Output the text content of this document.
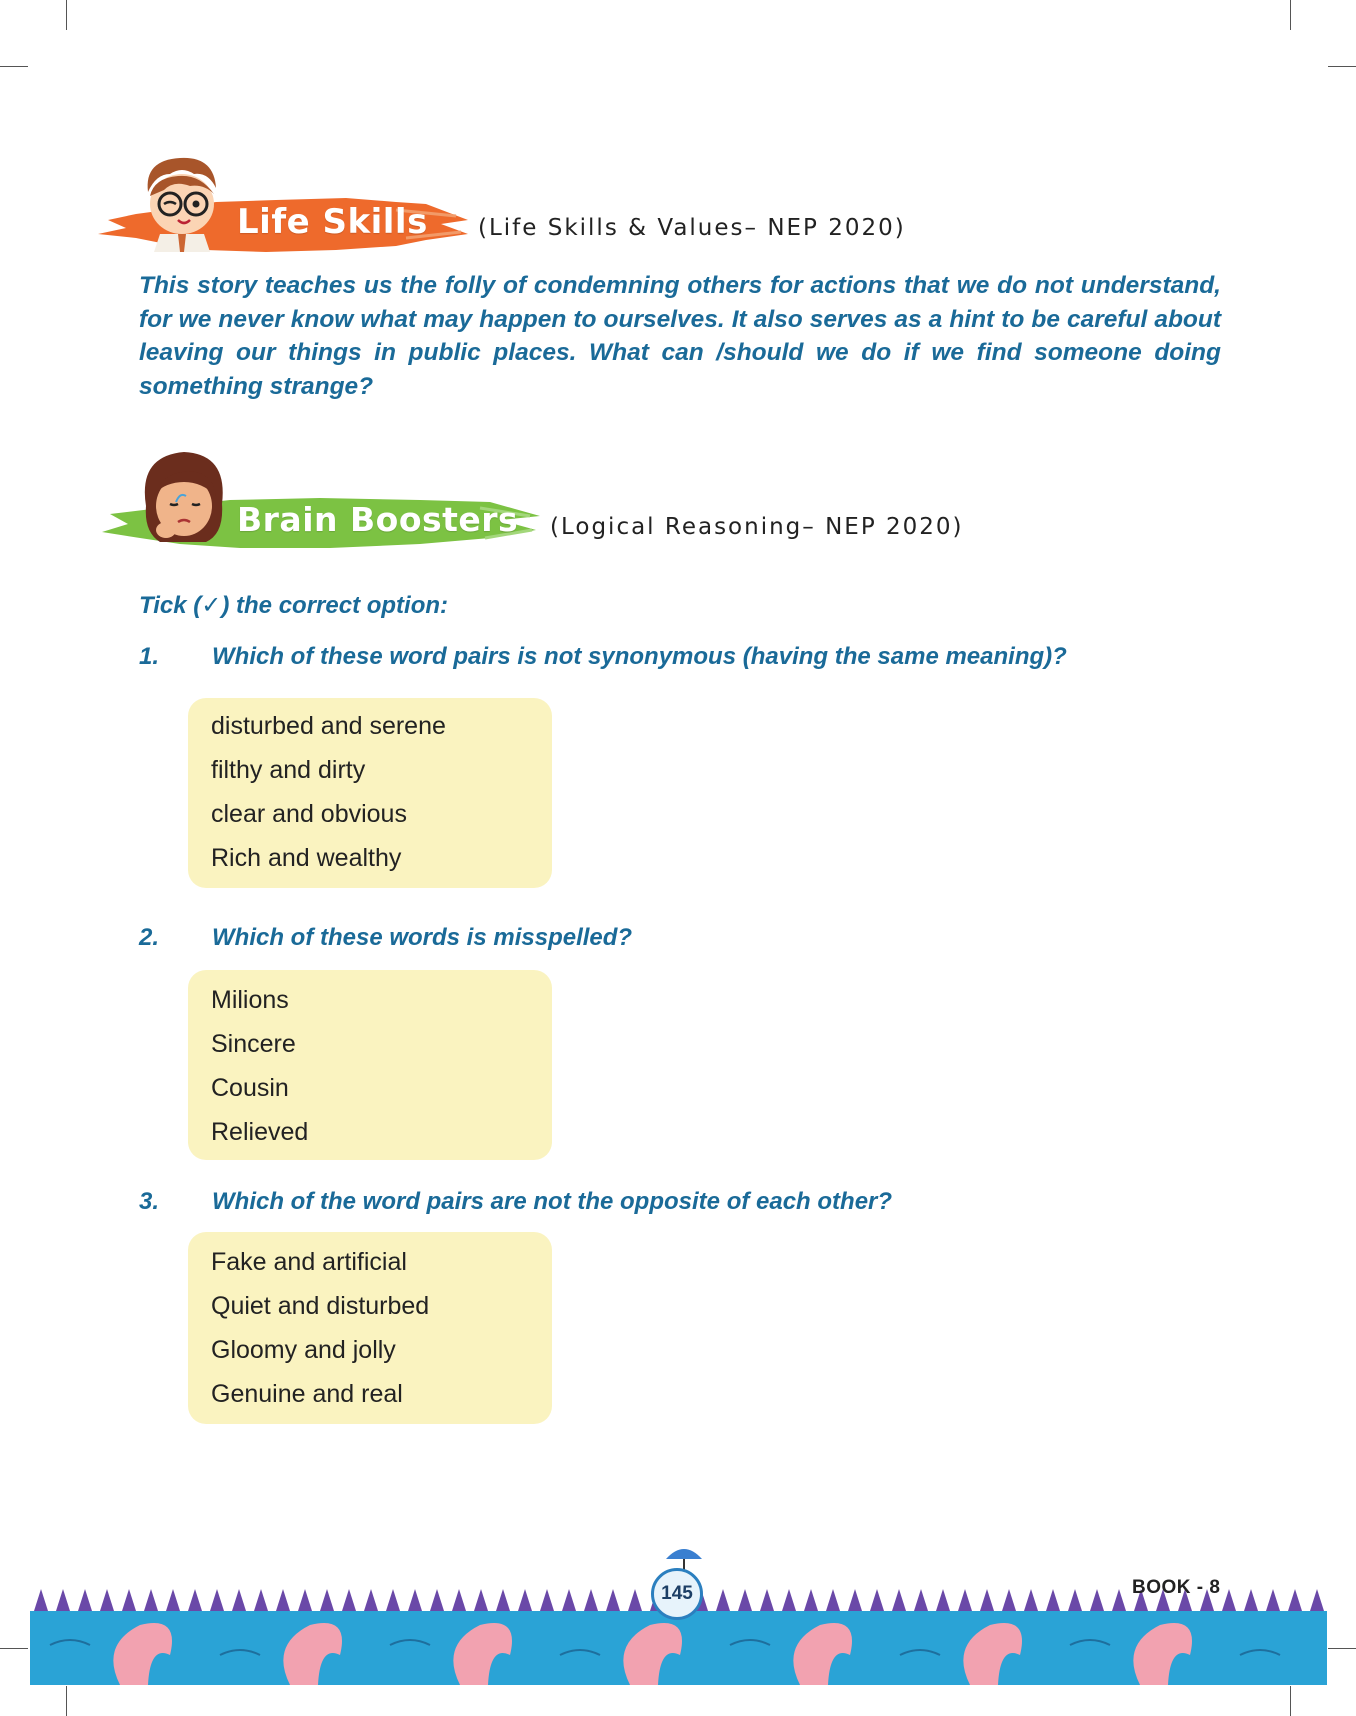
Life Skills (Life Skills & Values– NEP 2020)
This story teaches us the folly of condemning others for actions that we do not understand, for we never know what may happen to ourselves. It also serves as a hint to be careful about leaving our things in public places. What can /should we do if we find someone doing something strange?
Brain Boosters (Logical Reasoning– NEP 2020)
Tick (✓) the correct option:
1. Which of these word pairs is not synonymous (having the same meaning)?
disturbed and serene
filthy and dirty
clear and obvious
Rich and wealthy
2. Which of these words is misspelled?
Milions
Sincere
Cousin
Relieved
3. Which of the word pairs are not the opposite of each other?
Fake and artificial
Quiet and disturbed
Gloomy and jolly
Genuine and real
145	BOOK - 8
